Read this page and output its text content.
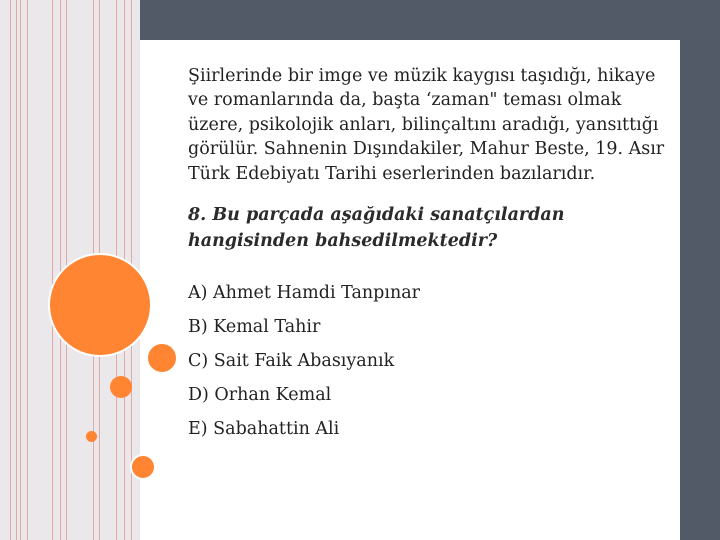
Şiirlerinde bir imge ve müzik kaygısı taşıdığı, hikaye ve romanlarında da, başta ‘zaman" teması olmak üzere, psikolojik anları, bilinçaltını aradığı, yansıttığı görülür. Sahnenin Dışındakiler, Mahur Beste, 19. Asır Türk Edebiyatı Tarihi eserlerinden bazılarıdır.

8. Bu parçada aşağıdaki sanatçılardan hangisinden bahsedilmektedir?

A) Ahmet Hamdi Tanpınar
B) Kemal Tahir
C) Sait Faik Abasıyanık
D) Orhan Kemal
E) Sabahattin Ali
